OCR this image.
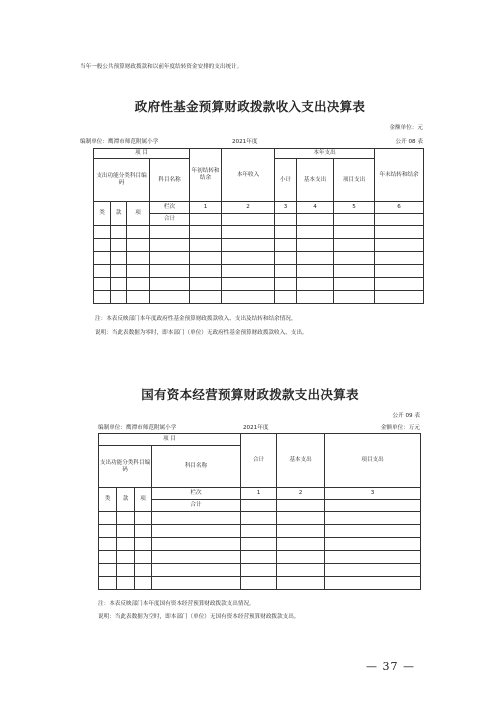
当年一般公共预算财政拨款和以前年度结转资金安排的支出统计。
政府性基金预算财政拨款收入支出决算表
金额单位：元
编制单位：鹰潭市师范附属小学	2021年度	公开 08 表
项 目				年初结转和结余	本年收入	本年支出			年末结转和结余
支出功能分类科目编码			科目名称			小计	基本支出	项目支出	

类	款	项	栏次	1	2	3	4	5	6
			合计						

注：本表反映部门本年度政府性基金预算财政拨款收入、支出及结转和结余情况。
说明：当此表数据为零时，即本部门（单位）无政府性基金预算财政拨款收入、支出。
国有资本经营预算财政拨款支出决算表
公开 09 表
编制单位：鹰潭市师范附属小学	2021年度	金额单位：万元
项 目				合计	基本支出	项目支出
支出功能分类科目编码			科目名称			
类	款	项	栏次	1	2	3
			合计			

注：本表反映部门本年度国有资本经营预算财政拨款支出情况。
说明：当此表数据为空时，即本部门（单位）无国有资本经营预算财政拨款支出。
— 37 —
